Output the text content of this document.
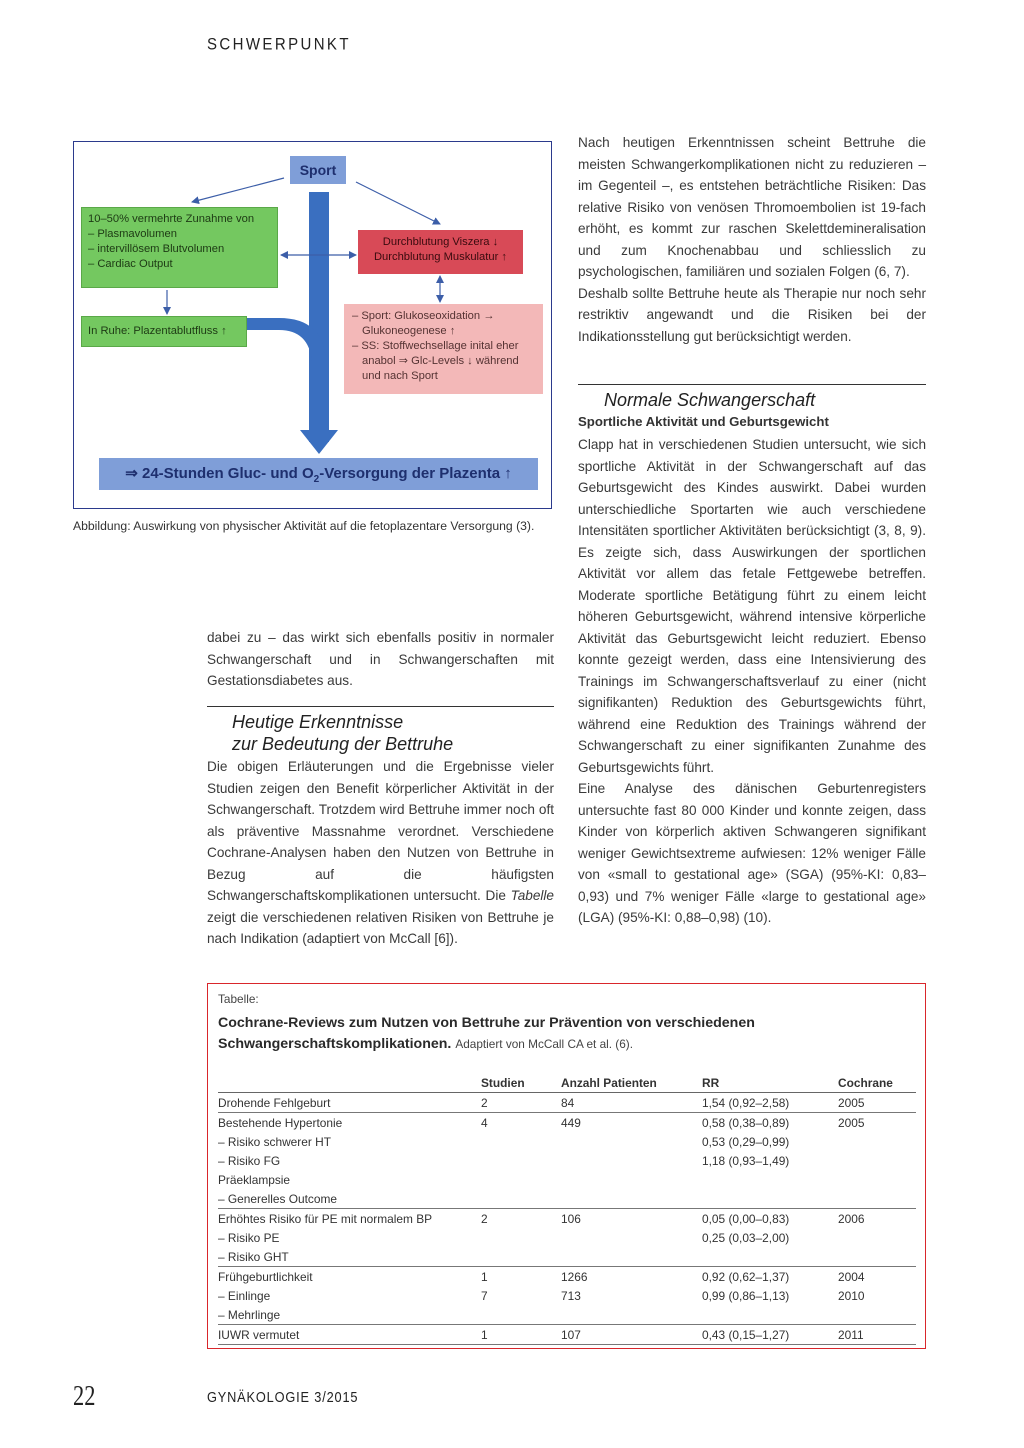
SCHWERPUNKT
Sport
10–50% vermehrte Zunahme von
– Plasmavolumen
– intervillösem Blutvolumen
– Cardiac Output
Durchblutung Viszera ↓
Durchblutung Muskulatur ↑
In Ruhe: Plazentablutfluss ↑
– Sport: Glukoseoxidation →
Glukoneogenese ↑
– SS: Stoffwechsellage inital eher
anabol ⇒ Glc-Levels ↓ während
und nach Sport
⇒ 24-Stunden Gluc- und $O_2$-Versorgung der Plazenta ↑
Abbildung: Auswirkung von physischer Aktivität auf die fetoplazentare Versorgung (3).

dabei zu – das wirkt sich ebenfalls positiv in normaler Schwangerschaft und in Schwangerschaften mit Gestationsdiabetes aus.

Heutige Erkenntnisse
zur Bedeutung der Bettruhe

Die obigen Erläuterungen und die Ergebnisse vieler Studien zeigen den Benefit körperlicher Aktivität in der Schwangerschaft. Trotzdem wird Bettruhe immer noch oft als präventive Massnahme verordnet. Verschiedene Cochrane-Analysen haben den Nutzen von Bettruhe in Bezug auf die häufigsten Schwangerschaftskomplikationen untersucht. Die Tabelle zeigt die verschiedenen relativen Risiken von Bettruhe je nach Indikation (adaptiert von McCall [6]).

Nach heutigen Erkenntnissen scheint Bettruhe die meisten Schwangerkomplikationen nicht zu reduzieren – im Gegenteil –, es entstehen beträchtliche Risiken: Das relative Risiko von venösen Thromoembolien ist 19-fach erhöht, es kommt zur raschen Skelettdemineralisation und zum Knochenabbau und schliesslich zu psychologischen, familiären und sozialen Folgen (6, 7).

Deshalb sollte Bettruhe heute als Therapie nur noch sehr restriktiv angewandt und die Risiken bei der Indikationsstellung gut berücksichtigt werden.

Normale Schwangerschaft
Sportliche Aktivität und Geburtsgewicht

Clapp hat in verschiedenen Studien untersucht, wie sich sportliche Aktivität in der Schwangerschaft auf das Geburtsgewicht des Kindes auswirkt. Dabei wurden unterschiedliche Sportarten wie auch verschiedene Intensitäten sportlicher Aktivitäten berücksichtigt (3, 8, 9). Es zeigte sich, dass Auswirkungen der sportlichen Aktivität vor allem das fetale Fettgewebe betreffen. Moderate sportliche Betätigung führt zu einem leicht höheren Geburtsgewicht, während intensive körperliche Aktivität das Geburtsgewicht leicht reduziert. Ebenso konnte gezeigt werden, dass eine Intensivierung des Trainings im Schwangerschaftsverlauf zu einer (nicht signifikanten) Reduktion des Geburtsgewichts führt, während eine Reduktion des Trainings während der Schwangerschaft zu einer signifikanten Zunahme des Geburtsgewichts führt.

Eine Analyse des dänischen Geburtenregisters untersuchte fast 80 000 Kinder und konnte zeigen, dass Kinder von körperlich aktiven Schwangeren signifikant weniger Gewichtsextreme aufwiesen: 12% weniger Fälle von «small to gestational age» (SGA) (95%-KI: 0,83–0,93) und 7% weniger Fälle «large to gestational age» (LGA) (95%-KI: 0,88–0,98) (10).

Tabelle:
Cochrane-Reviews zum Nutzen von Bettruhe zur Prävention von verschiedenen Schwangerschaftskomplikationen. Adaptiert von McCall CA et al. (6).
	Studien	Anzahl Patienten	RR	Cochrane
Drohende Fehlgeburt	2	84	1,54 (0,92–2,58)	2005
Bestehende Hypertonie	4	449	0,58 (0,38–0,89)	2005
– Risiko schwerer HT			0,53 (0,29–0,99)	
– Risiko FG			1,18 (0,93–1,49)	
Präeklampsie				
– Generelles Outcome				
Erhöhtes Risiko für PE mit normalem BP	2	106	0,05 (0,00–0,83)	2006
– Risiko PE			0,25 (0,03–2,00)	
– Risiko GHT				
Frühgeburtlichkeit	1	1266	0,92 (0,62–1,37)	2004
– Einlinge	7	713	0,99 (0,86–1,13)	2010
– Mehrlinge				
IUWR vermutet	1	107	0,43 (0,15–1,27)	2011
22	GYNÄKOLOGIE 3/2015
